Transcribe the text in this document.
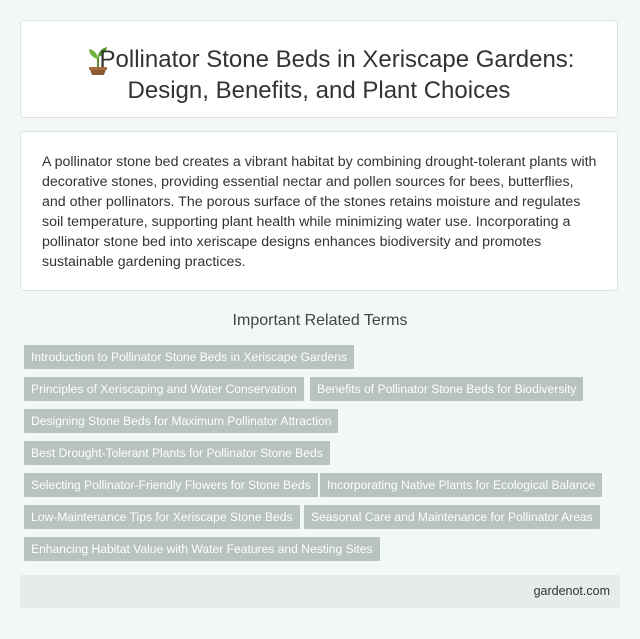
Pollinator Stone Beds in Xeriscape Gardens: Design, Benefits, and Plant Choices

A pollinator stone bed creates a vibrant habitat by combining drought-tolerant plants with decorative stones, providing essential nectar and pollen sources for bees, butterflies, and other pollinators. The porous surface of the stones retains moisture and regulates soil temperature, supporting plant health while minimizing water use. Incorporating a pollinator stone bed into xeriscape designs enhances biodiversity and promotes sustainable gardening practices.

Important Related Terms
Introduction to Pollinator Stone Beds in Xeriscape Gardens
Principles of Xeriscaping and Water Conservation	Benefits of Pollinator Stone Beds for Biodiversity
Designing Stone Beds for Maximum Pollinator Attraction
Best Drought-Tolerant Plants for Pollinator Stone Beds
Selecting Pollinator-Friendly Flowers for Stone Beds	Incorporating Native Plants for Ecological Balance
Low-Maintenance Tips for Xeriscape Stone Beds	Seasonal Care and Maintenance for Pollinator Areas
Enhancing Habitat Value with Water Features and Nesting Sites
gardenot.com
